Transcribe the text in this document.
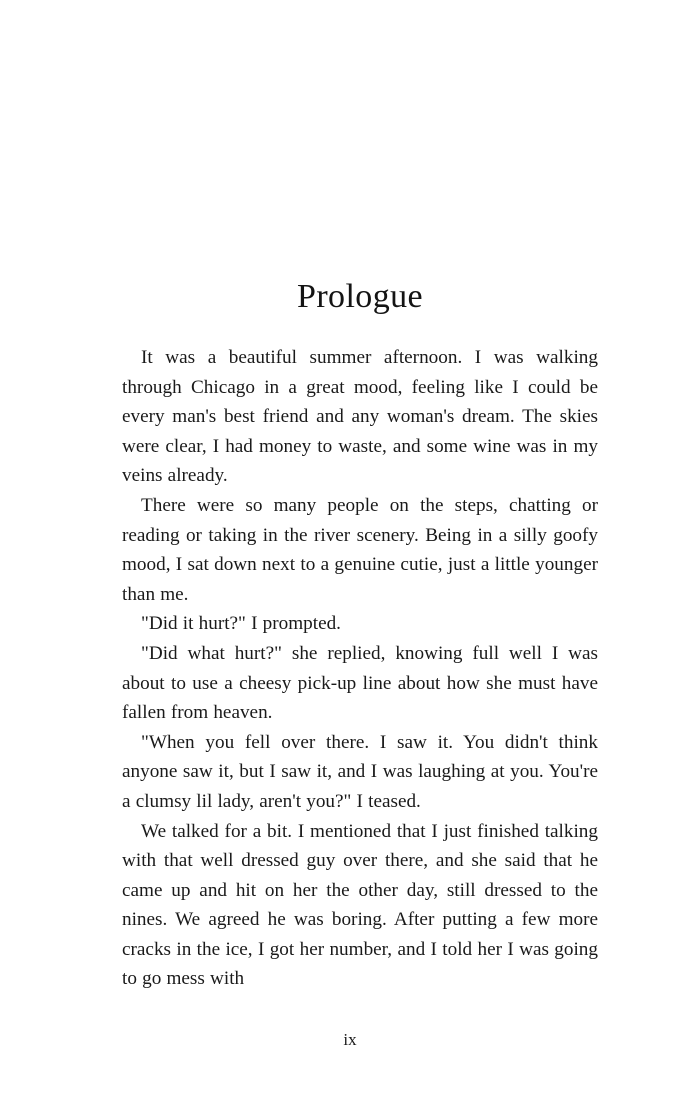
Prologue

It was a beautiful summer afternoon. I was walking through Chicago in a great mood, feeling like I could be every man's best friend and any woman's dream. The skies were clear, I had money to waste, and some wine was in my veins already.

There were so many people on the steps, chatting or reading or taking in the river scenery. Being in a silly goofy mood, I sat down next to a genuine cutie, just a little younger than me.

"Did it hurt?" I prompted.

"Did what hurt?" she replied, knowing full well I was about to use a cheesy pick-up line about how she must have fallen from heaven.

"When you fell over there. I saw it. You didn't think anyone saw it, but I saw it, and I was laughing at you. You're a clumsy lil lady, aren't you?" I teased.

We talked for a bit. I mentioned that I just finished talking with that well dressed guy over there, and she said that he came up and hit on her the other day, still dressed to the nines. We agreed he was boring. After putting a few more cracks in the ice, I got her number, and I told her I was going to go mess with

ix
